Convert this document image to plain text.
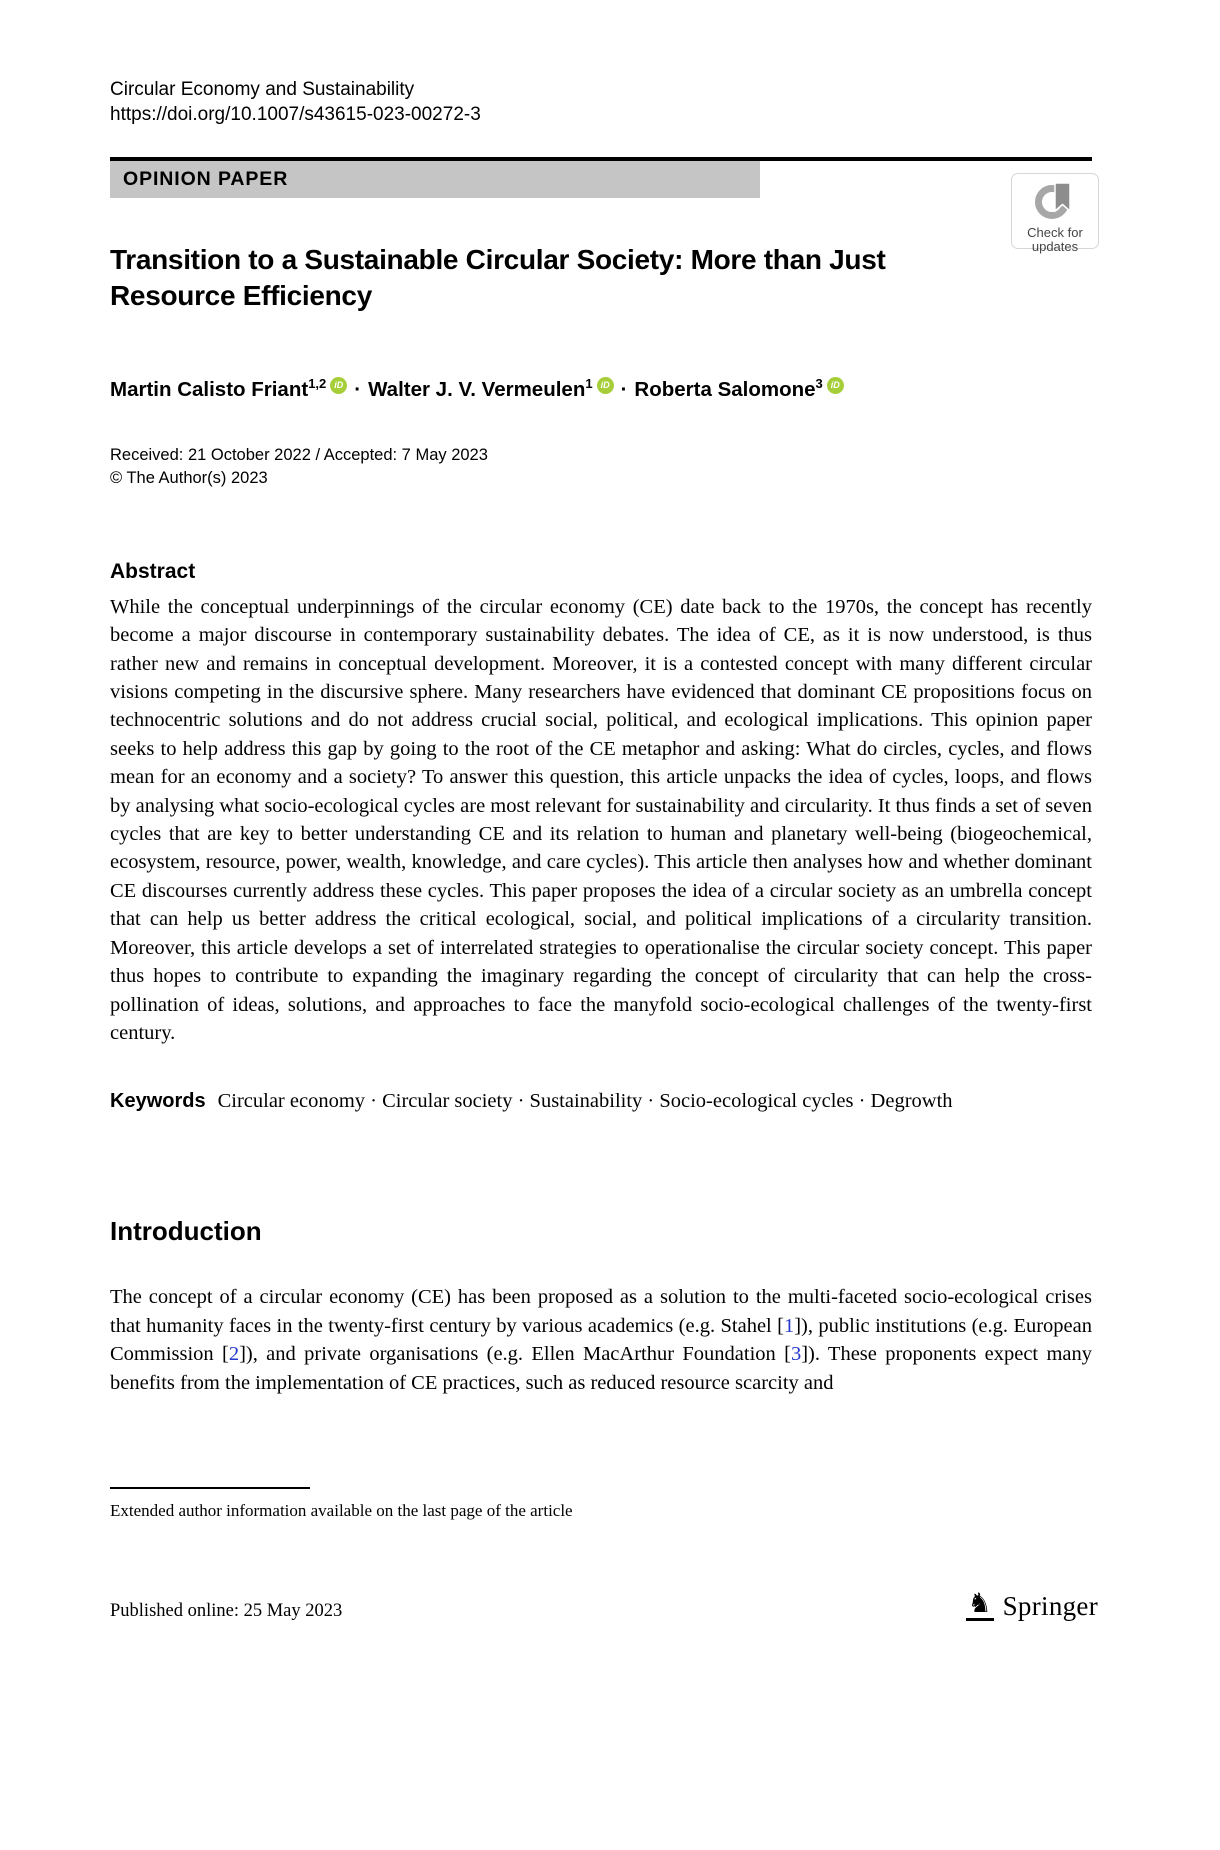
Circular Economy and Sustainability
https://doi.org/10.1007/s43615-023-00272-3
OPINION PAPER
Check for updates
Transition to a Sustainable Circular Society: More than Just
Resource Efficiency
Martin Calisto Friant$^{1,2}$ iD · Walter J. V. Vermeulen$^1$ iD · Roberta Salomone$^3$ iD
Received: 21 October 2022 / Accepted: 7 May 2023
© The Author(s) 2023
Abstract

While the conceptual underpinnings of the circular economy (CE) date back to the 1970s, the concept has recently become a major discourse in contemporary sustainability debates. The idea of CE, as it is now understood, is thus rather new and remains in conceptual development. Moreover, it is a contested concept with many different circular visions competing in the discursive sphere. Many researchers have evidenced that dominant CE propositions focus on technocentric solutions and do not address crucial social, political, and ecological implications. This opinion paper seeks to help address this gap by going to the root of the CE metaphor and asking: What do circles, cycles, and flows mean for an economy and a society? To answer this question, this article unpacks the idea of cycles, loops, and flows by analysing what socio-ecological cycles are most relevant for sustainability and circularity. It thus finds a set of seven cycles that are key to better understanding CE and its relation to human and planetary well-being (biogeochemical, ecosystem, resource, power, wealth, knowledge, and care cycles). This article then analyses how and whether dominant CE discourses currently address these cycles. This paper proposes the idea of a circular society as an umbrella concept that can help us better address the critical ecological, social, and political implications of a circularity transition. Moreover, this article develops a set of interrelated strategies to operationalise the circular society concept. This paper thus hopes to contribute to expanding the imaginary regarding the concept of circularity that can help the cross-pollination of ideas, solutions, and approaches to face the manyfold socio-ecological challenges of the twenty-first century.

Keywords Circular economy · Circular society · Sustainability · Socio-ecological cycles · Degrowth
Introduction

The concept of a circular economy (CE) has been proposed as a solution to the multi-faceted socio-ecological crises that humanity faces in the twenty-first century by various academics (e.g. Stahel [1]), public institutions (e.g. European Commission [2]), and private organisations (e.g. Ellen MacArthur Foundation [3]). These proponents expect many benefits from the implementation of CE practices, such as reduced resource scarcity and

Extended author information available on the last page of the article
Published online: 25 May 2023	♞ Springer
